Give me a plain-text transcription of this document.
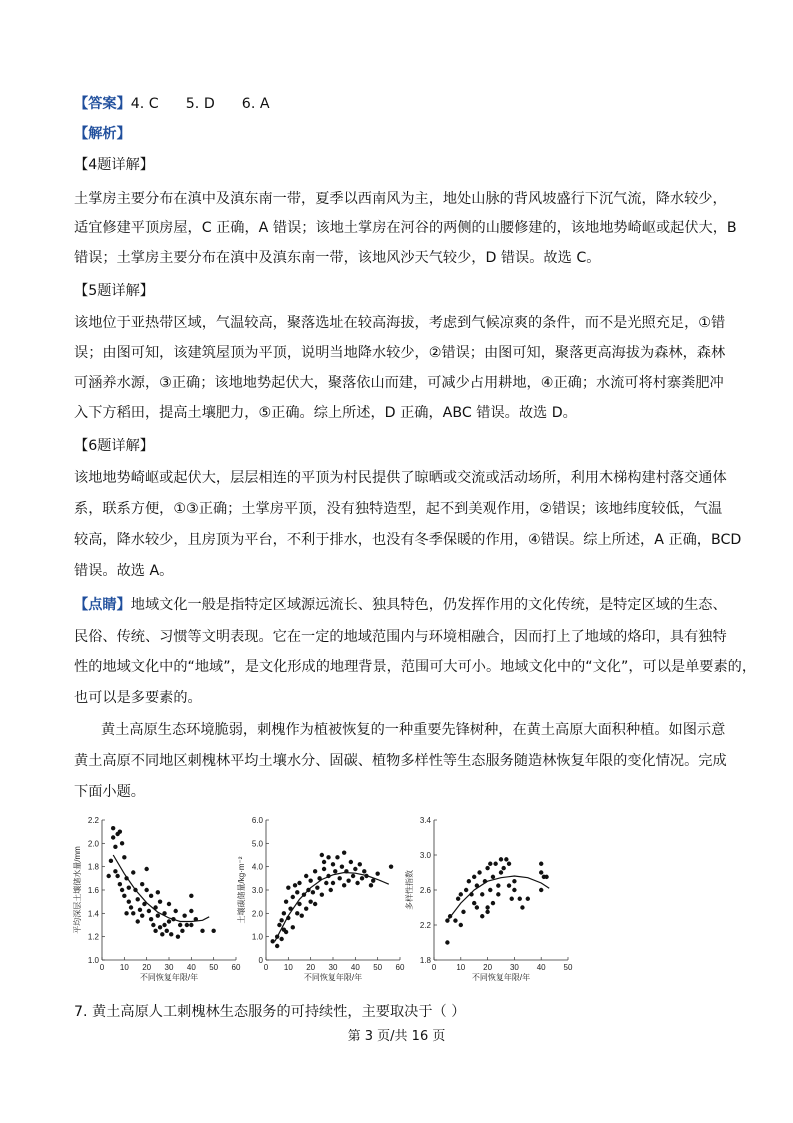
【答案】4. C      5. D      6. A
【解析】
【4题详解】
土掌房主要分布在滇中及滇东南一带，夏季以西南风为主，地处山脉的背风坡盛行下沉气流，降水较少，
适宜修建平顶房屋，C 正确，A 错误；该地土掌房在河谷的两侧的山腰修建的，该地地势崎岖或起伏大，B
错误；土掌房主要分布在滇中及滇东南一带，该地风沙天气较少，D 错误。故选 C。
【5题详解】
该地位于亚热带区域，气温较高，聚落选址在较高海拔，考虑到气候凉爽的条件，而不是光照充足，①错
误；由图可知，该建筑屋顶为平顶，说明当地降水较少，②错误；由图可知，聚落更高海拔为森林，森林
可涵养水源，③正确；该地地势起伏大，聚落依山而建，可减少占用耕地，④正确；水流可将村寨粪肥冲
入下方稻田，提高土壤肥力，⑤正确。综上所述，D 正确，ABC 错误。故选 D。
【6题详解】
该地地势崎岖或起伏大，层层相连的平顶为村民提供了晾晒或交流或活动场所，利用木梯构建村落交通体
系，联系方便，①③正确；土掌房平顶，没有独特造型，起不到美观作用，②错误；该地纬度较低，气温
较高，降水较少，且房顶为平台，不利于排水，也没有冬季保暖的作用，④错误。综上所述，A 正确，BCD
错误。故选 A。
【点睛】地域文化一般是指特定区域源远流长、独具特色，仍发挥作用的文化传统，是特定区域的生态、
民俗、传统、习惯等文明表现。它在一定的地域范围内与环境相融合，因而打上了地域的烙印，具有独特
性的地域文化中的“地域”，是文化形成的地理背景，范围可大可小。地域文化中的“文化”，可以是单要素的，
也可以是多要素的。
黄土高原生态环境脆弱，刺槐作为植被恢复的一种重要先锋树种，在黄土高原大面积种植。如图示意
黄土高原不同地区刺槐林平均土壤水分、固碳、植物多样性等生态服务随造林恢复年限的变化情况。完成
下面小题。
0 10 20 30 40 50 60
1.0
1.2
1.4
1.6
1.8
2.0
2.2
不同恢复年限/年
平均深层土壤储水量/mm
0 10 20 30 40 50 60
0
1.0
2.0
3.0
4.0
5.0
6.0
不同恢复年限/年
土壤碳储量/kg·m⁻²
0	10 20 30 40 50
1.8
2.2
2.6
3.0
3.4
不同恢复年限/年
多样性指数
7. 黄土高原人工刺槐林生态服务的可持续性，主要取决于（ ）
第 3 页/共 16 页
